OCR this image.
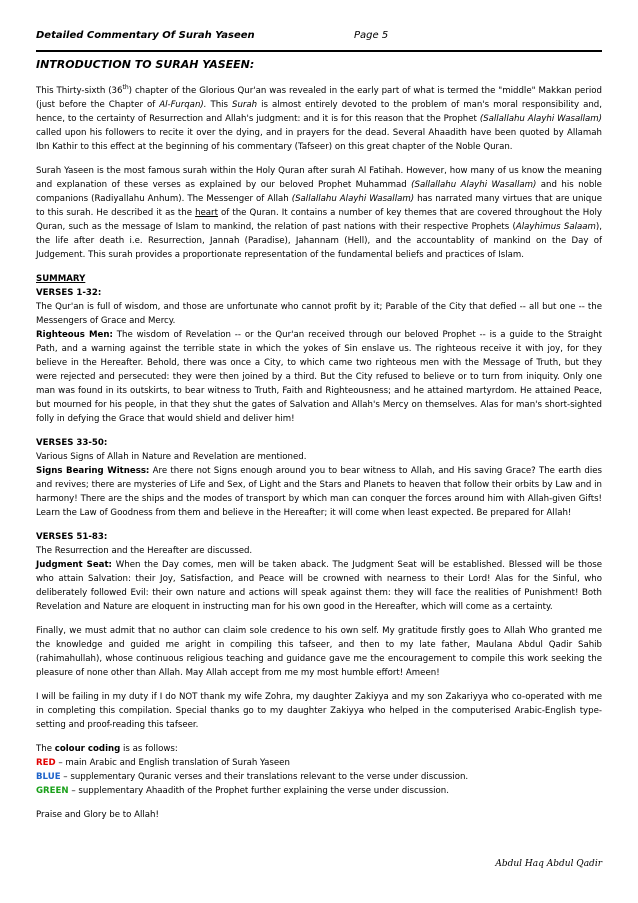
Detailed Commentary Of Surah Yaseen	Page 5
INTRODUCTION TO SURAH YASEEN:

This Thirty-sixth (36th) chapter of the Glorious Qur'an was revealed in the early part of what is termed the "middle" Makkan period (just before the Chapter of Al-Furqan). This Surah is almost entirely devoted to the problem of man's moral responsibility and, hence, to the certainty of Resurrection and Allah's judgment: and it is for this reason that the Prophet (Sallallahu Alayhi Wasallam) called upon his followers to recite it over the dying, and in prayers for the dead. Several Ahaadith have been quoted by Allamah Ibn Kathir to this effect at the beginning of his commentary (Tafseer) on this great chapter of the Noble Quran.

Surah Yaseen is the most famous surah within the Holy Quran after surah Al Fatihah. However, how many of us know the meaning and explanation of these verses as explained by our beloved Prophet Muhammad (Sallallahu Alayhi Wasallam) and his noble companions (Radiyallahu Anhum). The Messenger of Allah (Sallallahu Alayhi Wasallam) has narrated many virtues that are unique to this surah. He described it as the heart of the Quran. It contains a number of key themes that are covered throughout the Holy Quran, such as the message of Islam to mankind, the relation of past nations with their respective Prophets (Alayhimus Salaam), the life after death i.e. Resurrection, Jannah (Paradise), Jahannam (Hell), and the accountablity of mankind on the Day of Judgement. This surah provides a proportionate representation of the fundamental beliefs and practices of Islam.

SUMMARY
VERSES 1-32:
The Qur'an is full of wisdom, and those are unfortunate who cannot profit by it; Parable of the City that defied -- all but one -- the Messengers of Grace and Mercy.
Righteous Men: The wisdom of Revelation -- or the Qur'an received through our beloved Prophet -- is a guide to the Straight Path, and a warning against the terrible state in which the yokes of Sin enslave us. The righteous receive it with joy, for they believe in the Hereafter. Behold, there was once a City, to which came two righteous men with the Message of Truth, but they were rejected and persecuted: they were then joined by a third. But the City refused to believe or to turn from iniquity. Only one man was found in its outskirts, to bear witness to Truth, Faith and Righteousness; and he attained martyrdom. He attained Peace, but mourned for his people, in that they shut the gates of Salvation and Allah's Mercy on themselves. Alas for man's short-sighted folly in defying the Grace that would shield and deliver him!
VERSES 33-50:
Various Signs of Allah in Nature and Revelation are mentioned.
Signs Bearing Witness: Are there not Signs enough around you to bear witness to Allah, and His saving Grace? The earth dies and revives; there are mysteries of Life and Sex, of Light and the Stars and Planets to heaven that follow their orbits by Law and in harmony! There are the ships and the modes of transport by which man can conquer the forces around him with Allah-given Gifts! Learn the Law of Goodness from them and believe in the Hereafter; it will come when least expected. Be prepared for Allah!
VERSES 51-83:
The Resurrection and the Hereafter are discussed.
Judgment Seat: When the Day comes, men will be taken aback. The Judgment Seat will be established. Blessed will be those who attain Salvation: their Joy, Satisfaction, and Peace will be crowned with nearness to their Lord! Alas for the Sinful, who deliberately followed Evil: their own nature and actions will speak against them: they will face the realities of Punishment! Both Revelation and Nature are eloquent in instructing man for his own good in the Hereafter, which will come as a certainty.

Finally, we must admit that no author can claim sole credence to his own self. My gratitude firstly goes to Allah Who granted me the knowledge and guided me aright in compiling this tafseer, and then to my late father, Maulana Abdul Qadir Sahib (rahimahullah), whose continuous religious teaching and guidance gave me the encouragement to compile this work seeking the pleasure of none other than Allah. May Allah accept from me my most humble effort! Ameen!

I will be failing in my duty if I do NOT thank my wife Zohra, my daughter Zakiyya and my son Zakariyya who co-operated with me in completing this compilation. Special thanks go to my daughter Zakiyya who helped in the computerised Arabic-English type-setting and proof-reading this tafseer.

The colour coding is as follows:
RED – main Arabic and English translation of Surah Yaseen
BLUE – supplementary Quranic verses and their translations relevant to the verse under discussion.
GREEN – supplementary Ahaadith of the Prophet further explaining the verse under discussion.

Praise and Glory be to Allah!

Abdul Haq Abdul Qadir
